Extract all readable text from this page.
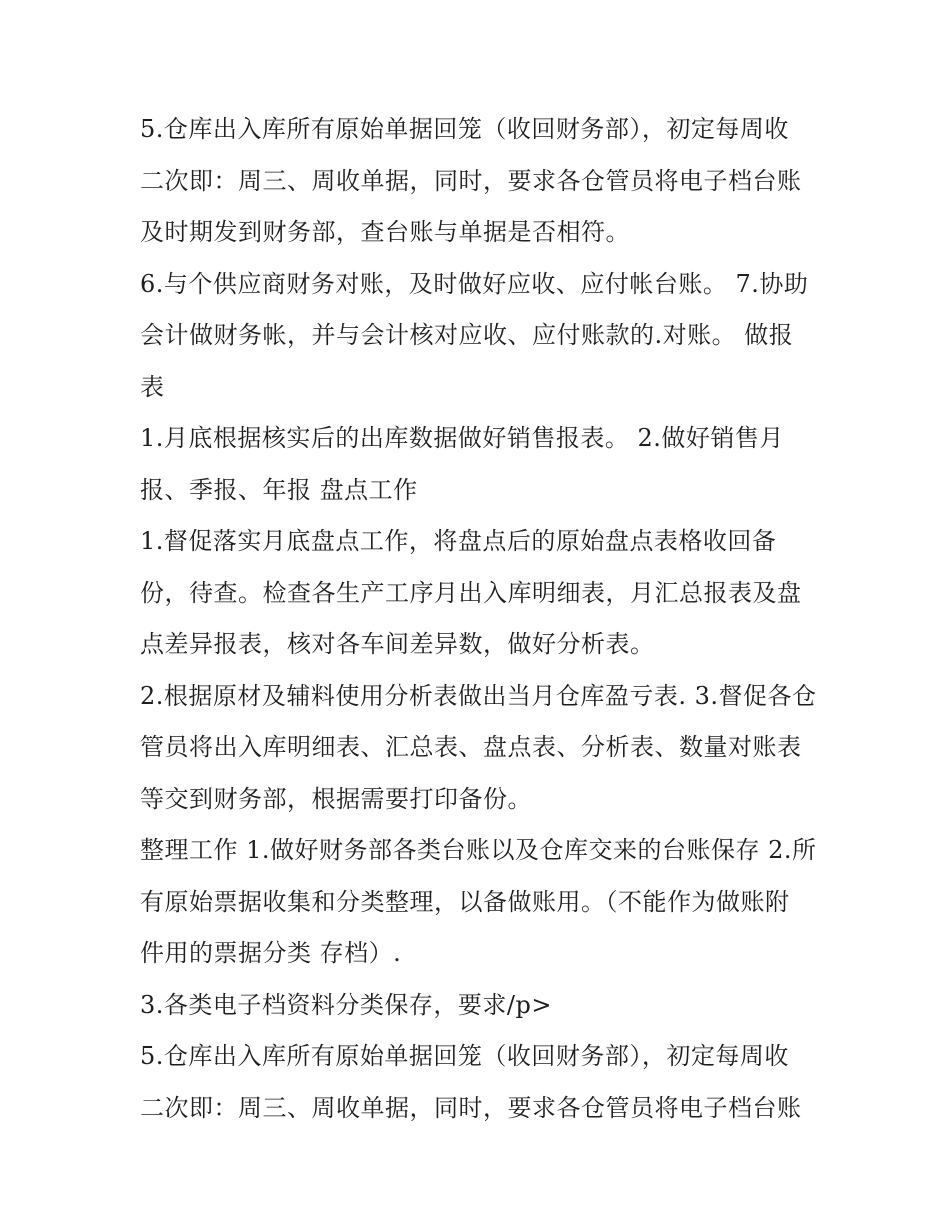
5.仓库出入库所有原始单据回笼（收回财务部），初定每周收
二次即：周三、周收单据，同时，要求各仓管员将电子档台账
及时期发到财务部，查台账与单据是否相符。

6.与个供应商财务对账，及时做好应收、应付帐台账。 7.协助
会计做财务帐，并与会计核对应收、应付账款的.对账。 做报
表

1.月底根据核实后的出库数据做好销售报表。 2.做好销售月
报、季报、年报 盘点工作

1.督促落实月底盘点工作，将盘点后的原始盘点表格收回备
份，待查。检查各生产工序月出入库明细表，月汇总报表及盘
点差异报表，核对各车间差异数，做好分析表。

2.根据原材及辅料使用分析表做出当月仓库盈亏表. 3.督促各仓
管员将出入库明细表、汇总表、盘点表、分析表、数量对账表
等交到财务部，根据需要打印备份。

整理工作 1.做好财务部各类台账以及仓库交来的台账保存 2.所
有原始票据收集和分类整理，以备做账用。（不能作为做账附
件用的票据分类 存档）.

3.各类电子档资料分类保存，要求/p>

5.仓库出入库所有原始单据回笼（收回财务部），初定每周收
二次即：周三、周收单据，同时，要求各仓管员将电子档台账
